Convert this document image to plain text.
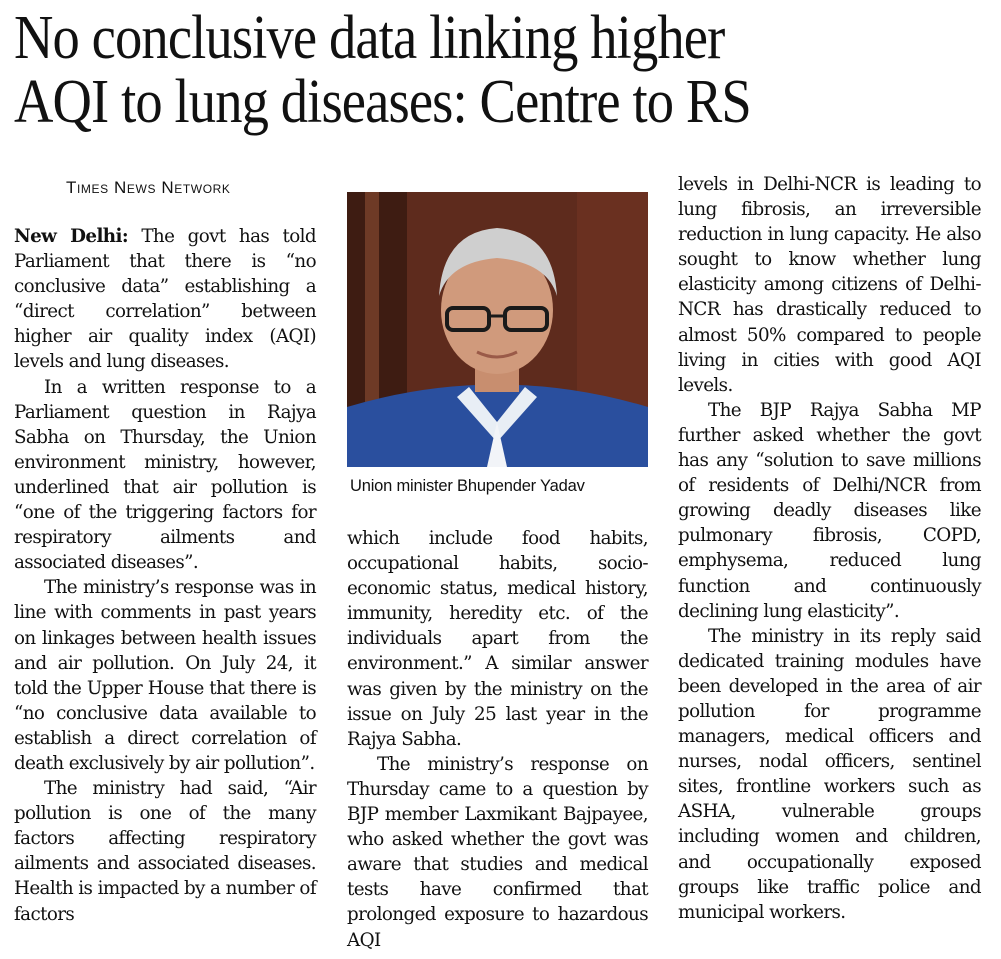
No conclusive data linking higher
AQI to lung diseases: Centre to RS
Times News Network

New Delhi: The govt has told Parliament that there is “no conclusive data” establishing a “direct correlation” between higher air quality index (AQI) levels and lung diseases.

In a written response to a Parliament question in Rajya Sabha on Thursday, the Union environment ministry, however, underlined that air pollution is “one of the triggering factors for respiratory ailments and associated diseases”.

The ministry’s response was in line with comments in past years on linkages between health issues and air pollution. On July 24, it told the Upper House that there is “no conclusive data available to establish a direct correlation of death exclusively by air pollution”.

The ministry had said, “Air pollution is one of the many factors affecting respiratory ailments and associated diseases. Health is impacted by a number of factors

Union minister Bhupender Yadav

which include food habits, occupational habits, socio-economic status, medical history, immunity, heredity etc. of the individuals apart from the environment.” A similar answer was given by the ministry on the issue on July 25 last year in the Rajya Sabha.

The ministry’s response on Thursday came to a question by BJP member Laxmikant Bajpayee, who asked whether the govt was aware that studies and medical tests have confirmed that prolonged exposure to hazardous AQI

levels in Delhi-NCR is leading to lung fibrosis, an irreversible reduction in lung capacity. He also sought to know whether lung elasticity among citizens of Delhi-NCR has drastically reduced to almost 50% compared to people living in cities with good AQI levels.

The BJP Rajya Sabha MP further asked whether the govt has any “solution to save millions of residents of Delhi/NCR from growing deadly diseases like pulmonary fibrosis, COPD, emphysema, reduced lung function and continuously declining lung elasticity”.

The ministry in its reply said dedicated training modules have been developed in the area of air pollution for programme managers, medical officers and nurses, nodal officers, sentinel sites, frontline workers such as ASHA, vulnerable groups including women and children, and occupationally exposed groups like traffic police and municipal workers.
